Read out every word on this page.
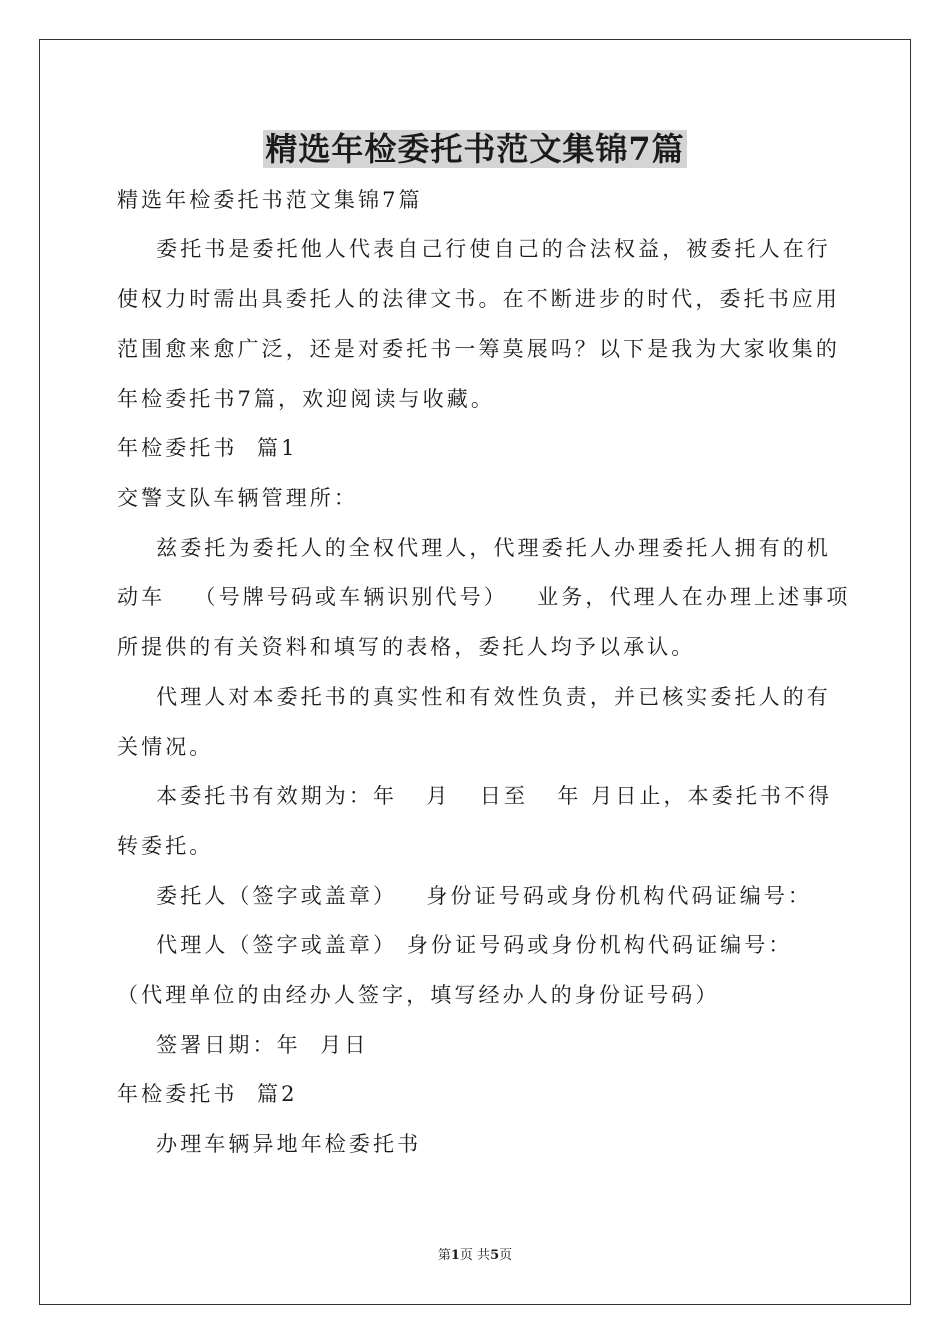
精选年检委托书范文集锦7篇
精选年检委托书范文集锦7篇
委托书是委托他人代表自己行使自己的合法权益，被委托人在行
使权力时需出具委托人的法律文书。在不断进步的时代，委托书应用
范围愈来愈广泛，还是对委托书一筹莫展吗？以下是我为大家收集的
年检委托书7篇，欢迎阅读与收藏。
年检委托书  篇1
交警支队车辆管理所：
兹委托为委托人的全权代理人，代理委托人办理委托人拥有的机
动车   （号牌号码或车辆识别代号）   业务，代理人在办理上述事项
所提供的有关资料和填写的表格，委托人均予以承认。
代理人对本委托书的真实性和有效性负责，并已核实委托人的有
关情况。
本委托书有效期为：年   月   日至   年 月日止，本委托书不得
转委托。
委托人（签字或盖章）   身份证号码或身份机构代码证编号：
代理人（签字或盖章） 身份证号码或身份机构代码证编号：
（代理单位的由经办人签字，填写经办人的身份证号码）
签署日期：年  月日
年检委托书  篇2
办理车辆异地年检委托书
第1页 共5页
